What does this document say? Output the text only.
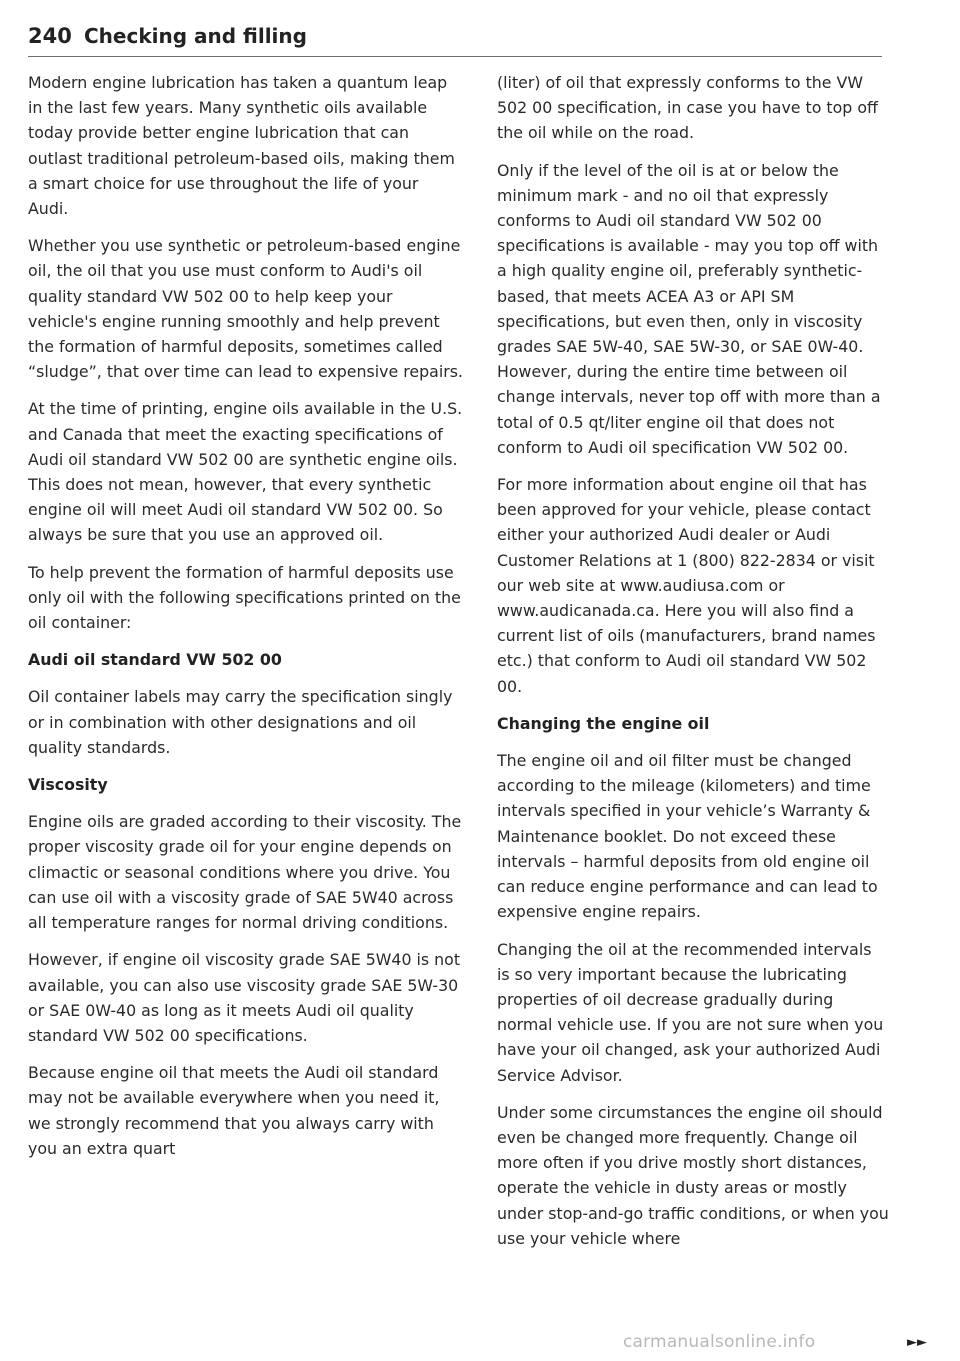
240 Checking and filling

Modern engine lubrication has taken a quantum leap in the last few years. Many synthetic oils available today provide better engine lubrication that can outlast traditional petroleum-based oils, making them a smart choice for use throughout the life of your Audi.

Whether you use synthetic or petroleum-based engine oil, the oil that you use must conform to Audi's oil quality standard VW 502 00 to help keep your vehicle's engine running smoothly and help prevent the formation of harmful deposits, sometimes called “sludge”, that over time can lead to expensive repairs.

At the time of printing, engine oils available in the U.S. and Canada that meet the exacting specifications of Audi oil standard VW 502 00 are synthetic engine oils. This does not mean, however, that every synthetic engine oil will meet Audi oil standard VW 502 00. So always be sure that you use an approved oil.

To help prevent the formation of harmful deposits use only oil with the following specifications printed on the oil container:

Audi oil standard VW 502 00

Oil container labels may carry the specification singly or in combination with other designations and oil quality standards.

Viscosity

Engine oils are graded according to their viscosity. The proper viscosity grade oil for your engine depends on climactic or seasonal conditions where you drive. You can use oil with a viscosity grade of SAE 5W40 across all temperature ranges for normal driving conditions.

However, if engine oil viscosity grade SAE 5W40 is not available, you can also use viscosity grade SAE 5W-30 or SAE 0W-40 as long as it meets Audi oil quality standard VW 502 00 specifications.

Because engine oil that meets the Audi oil standard may not be available everywhere when you need it, we strongly recommend that you always carry with you an extra quart

(liter) of oil that expressly conforms to the VW 502 00 specification, in case you have to top off the oil while on the road.

Only if the level of the oil is at or below the minimum mark - and no oil that expressly conforms to Audi oil standard VW 502 00 specifications is available - may you top off with a high quality engine oil, preferably synthetic-based, that meets ACEA A3 or API SM specifications, but even then, only in viscosity grades SAE 5W-40, SAE 5W-30, or SAE 0W-40. However, during the entire time between oil change intervals, never top off with more than a total of 0.5 qt/liter engine oil that does not conform to Audi oil specification VW 502 00.

For more information about engine oil that has been approved for your vehicle, please contact either your authorized Audi dealer or Audi Customer Relations at 1 (800) 822-2834 or visit our web site at www.audiusa.com or www.audicanada.ca. Here you will also find a current list of oils (manufacturers, brand names etc.) that conform to Audi oil standard VW 502 00.

Changing the engine oil

The engine oil and oil filter must be changed according to the mileage (kilometers) and time intervals specified in your vehicle’s Warranty & Maintenance booklet. Do not exceed these intervals – harmful deposits from old engine oil can reduce engine performance and can lead to expensive engine repairs.

Changing the oil at the recommended intervals is so very important because the lubricating properties of oil decrease gradually during normal vehicle use. If you are not sure when you have your oil changed, ask your authorized Audi Service Advisor.

Under some circumstances the engine oil should even be changed more frequently. Change oil more often if you drive mostly short distances, operate the vehicle in dusty areas or mostly under stop-and-go traffic conditions, or when you use your vehicle where

carmanualsonline.info	►►
